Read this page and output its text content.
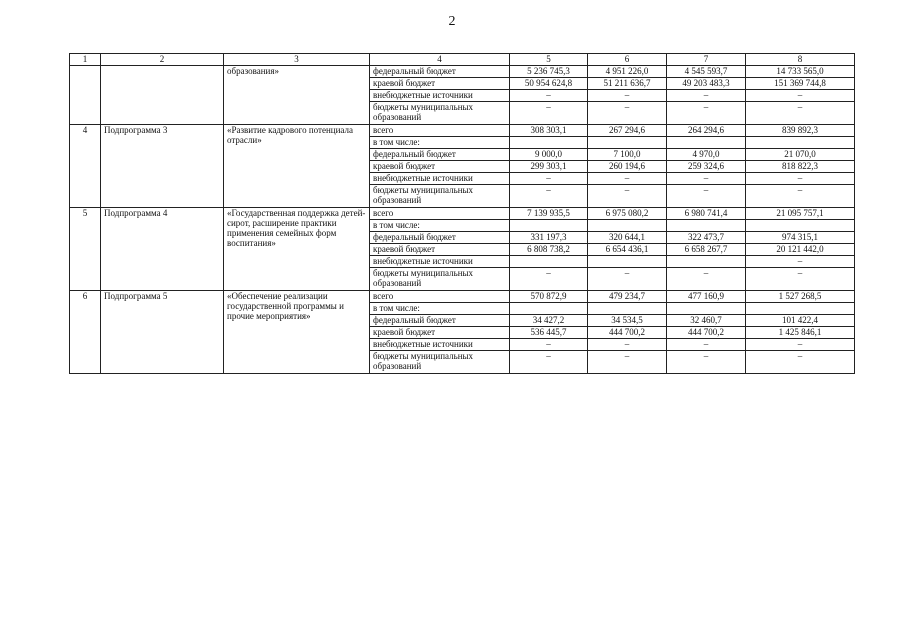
2
1	2	3	4	5	6	7	8
		образования»	федеральный бюджет	5 236 745,3	4 951 226,0	4 545 593,7	14 733 565,0
			краевой бюджет	50 954 624,8	51 211 636,7	49 203 483,3	151 369 744,8
			внебюджетные источники	–	–	–	–
			бюджеты муниципальных образований	–	–	–	–
4	Подпрограмма 3	«Развитие кадрового потенциала отрасли»	всего	308 303,1	267 294,6	264 294,6	839 892,3
			в том числе:				
			федеральный бюджет	9 000,0	7 100,0	4 970,0	21 070,0
			краевой бюджет	299 303,1	260 194,6	259 324,6	818 822,3
			внебюджетные источники	–	–	–	–
			бюджеты муниципальных образований	–	–	–	–
5	Подпрограмма 4	«Государственная поддержка детей- сирот, расширение практики применения семейных форм воспитания»	всего	7 139 935,5	6 975 080,2	6 980 741,4	21 095 757,1
			в том числе:				
			федеральный бюджет	331 197,3	320 644,1	322 473,7	974 315,1
			краевой бюджет	6 808 738,2	6 654 436,1	6 658 267,7	20 121 442,0
			внебюджетные источники				–
			бюджеты муниципальных образований	–	–	–	–
6	Подпрограмма 5	«Обеспечение реализации государственной программы и прочие мероприятия»	всего	570 872,9	479 234,7	477 160,9	1 527 268,5
			в том числе:				
			федеральный бюджет	34 427,2	34 534,5	32 460,7	101 422,4
			краевой бюджет	536 445,7	444 700,2	444 700,2	1 425 846,1
			внебюджетные источники	–	–	–	–
			бюджеты муниципальных образований	–	–	–	–
